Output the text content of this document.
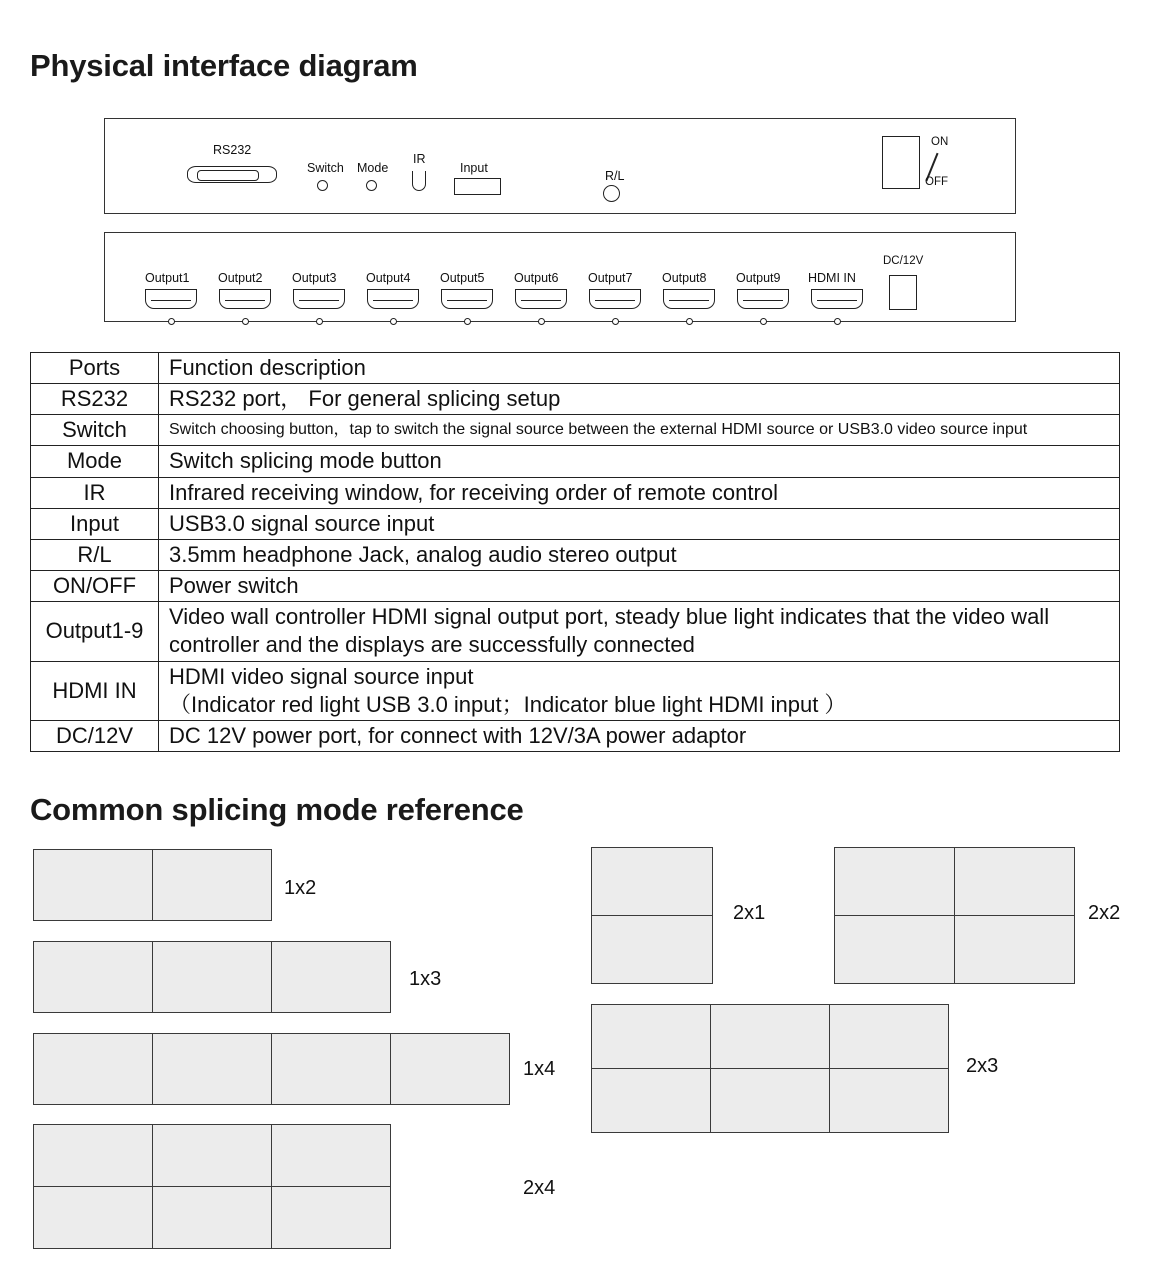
Physical interface diagram
Common splicing mode reference
RS232
Switch Mode
IR
Input
R/L
ON
OFF
Output1 Output2 Output3 Output4 Output5 Output6 Output7 Output8 Output9 HDMI IN
DC/12V
Ports	Function description
RS232	RS232 port， For general splicing setup
Switch	Switch choosing button，tap to switch the signal source between the external HDMI source or USB3.0 video source input
Mode	Switch splicing mode button
IR	Infrared receiving window, for receiving order of remote control
Input	USB3.0 signal source input
R/L	3.5mm headphone Jack, analog audio stereo output
ON/OFF	Power switch
Output1-9	Video wall controller HDMI signal output port, steady blue light indicates that the video wall controller and the displays are successfully connected
HDMI IN	HDMI video signal source input
（Indicator red light USB 3.0 input；Indicator blue light HDMI input ）

DC/12V	DC 12V power port, for connect with 12V/3A power adaptor
1x2
1x3
1x4
2x4
2x1	2x2
2x3
